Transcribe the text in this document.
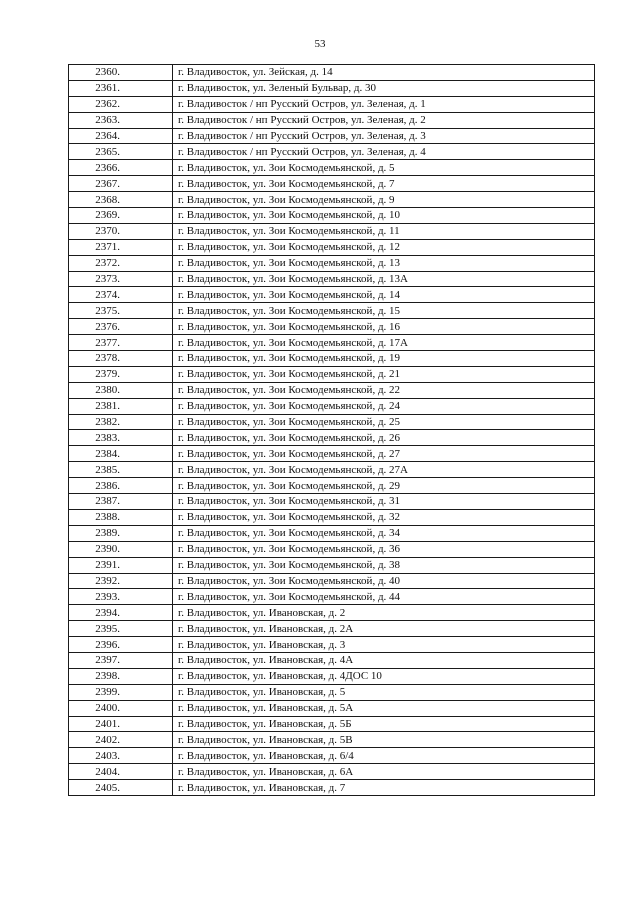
53
2360.	г. Владивосток, ул. Зейская, д. 14
2361.	г. Владивосток, ул. Зеленый Бульвар, д. 30
2362.	г. Владивосток / нп Русский Остров, ул. Зеленая, д. 1
2363.	г. Владивосток / нп Русский Остров, ул. Зеленая, д. 2
2364.	г. Владивосток / нп Русский Остров, ул. Зеленая, д. 3
2365.	г. Владивосток / нп Русский Остров, ул. Зеленая, д. 4
2366.	г. Владивосток, ул. Зои Космодемьянской, д. 5
2367.	г. Владивосток, ул. Зои Космодемьянской, д. 7
2368.	г. Владивосток, ул. Зои Космодемьянской, д. 9
2369.	г. Владивосток, ул. Зои Космодемьянской, д. 10
2370.	г. Владивосток, ул. Зои Космодемьянской, д. 11
2371.	г. Владивосток, ул. Зои Космодемьянской, д. 12
2372.	г. Владивосток, ул. Зои Космодемьянской, д. 13
2373.	г. Владивосток, ул. Зои Космодемьянской, д. 13А
2374.	г. Владивосток, ул. Зои Космодемьянской, д. 14
2375.	г. Владивосток, ул. Зои Космодемьянской, д. 15
2376.	г. Владивосток, ул. Зои Космодемьянской, д. 16
2377.	г. Владивосток, ул. Зои Космодемьянской, д. 17А
2378.	г. Владивосток, ул. Зои Космодемьянской, д. 19
2379.	г. Владивосток, ул. Зои Космодемьянской, д. 21
2380.	г. Владивосток, ул. Зои Космодемьянской, д. 22
2381.	г. Владивосток, ул. Зои Космодемьянской, д. 24
2382.	г. Владивосток, ул. Зои Космодемьянской, д. 25
2383.	г. Владивосток, ул. Зои Космодемьянской, д. 26
2384.	г. Владивосток, ул. Зои Космодемьянской, д. 27
2385.	г. Владивосток, ул. Зои Космодемьянской, д. 27А
2386.	г. Владивосток, ул. Зои Космодемьянской, д. 29
2387.	г. Владивосток, ул. Зои Космодемьянской, д. 31
2388.	г. Владивосток, ул. Зои Космодемьянской, д. 32
2389.	г. Владивосток, ул. Зои Космодемьянской, д. 34
2390.	г. Владивосток, ул. Зои Космодемьянской, д. 36
2391.	г. Владивосток, ул. Зои Космодемьянской, д. 38
2392.	г. Владивосток, ул. Зои Космодемьянской, д. 40
2393.	г. Владивосток, ул. Зои Космодемьянской, д. 44
2394.	г. Владивосток, ул. Ивановская, д. 2
2395.	г. Владивосток, ул. Ивановская, д. 2А
2396.	г. Владивосток, ул. Ивановская, д. 3
2397.	г. Владивосток, ул. Ивановская, д. 4А
2398.	г. Владивосток, ул. Ивановская, д. 4ДОС 10
2399.	г. Владивосток, ул. Ивановская, д. 5
2400.	г. Владивосток, ул. Ивановская, д. 5А
2401.	г. Владивосток, ул. Ивановская, д. 5Б
2402.	г. Владивосток, ул. Ивановская, д. 5В
2403.	г. Владивосток, ул. Ивановская, д. 6/4
2404.	г. Владивосток, ул. Ивановская, д. 6А
2405.	г. Владивосток, ул. Ивановская, д. 7
